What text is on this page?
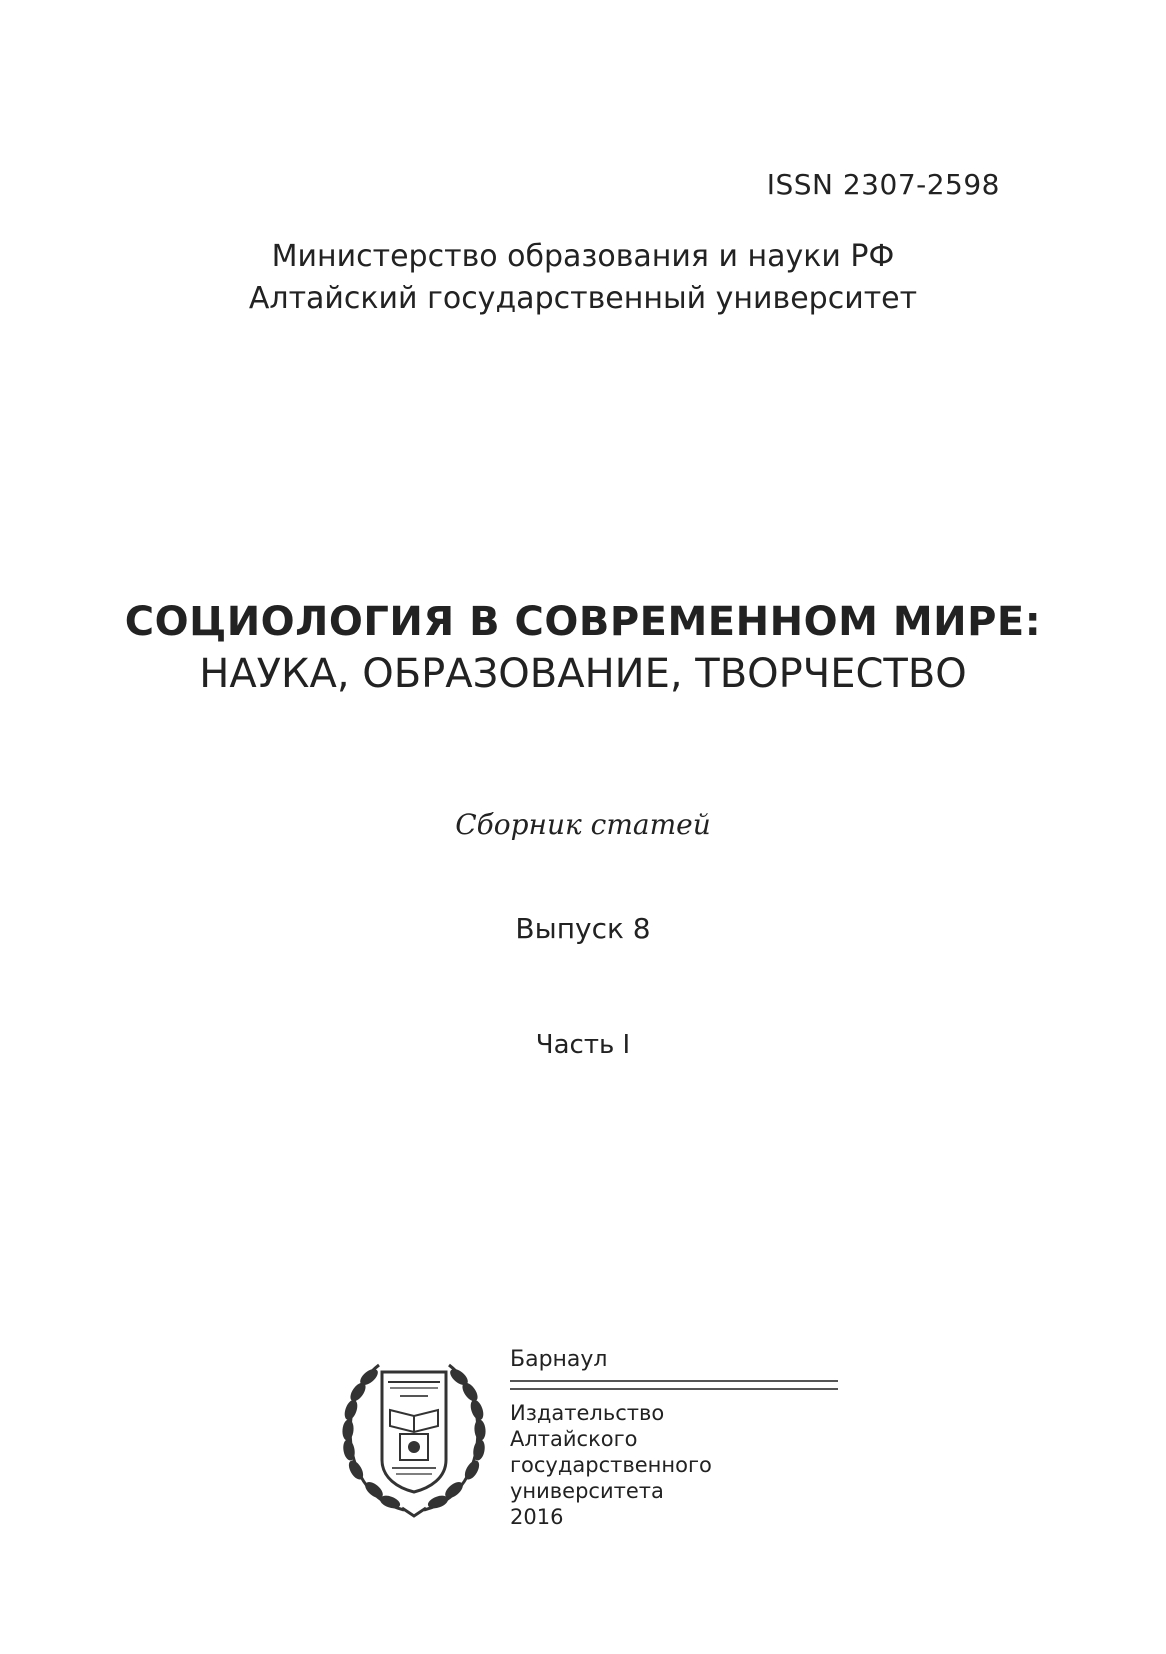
ISSN 2307-2598
Министерство образования и науки РФ
Алтайский государственный университет
СОЦИОЛОГИЯ В СОВРЕМЕННОМ МИРЕ:
НАУКА, ОБРАЗОВАНИЕ, ТВОРЧЕСТВО
Сборник статей
Выпуск 8
Часть I
Барнаул
Издательство
Алтайского государственного
университета
2016
